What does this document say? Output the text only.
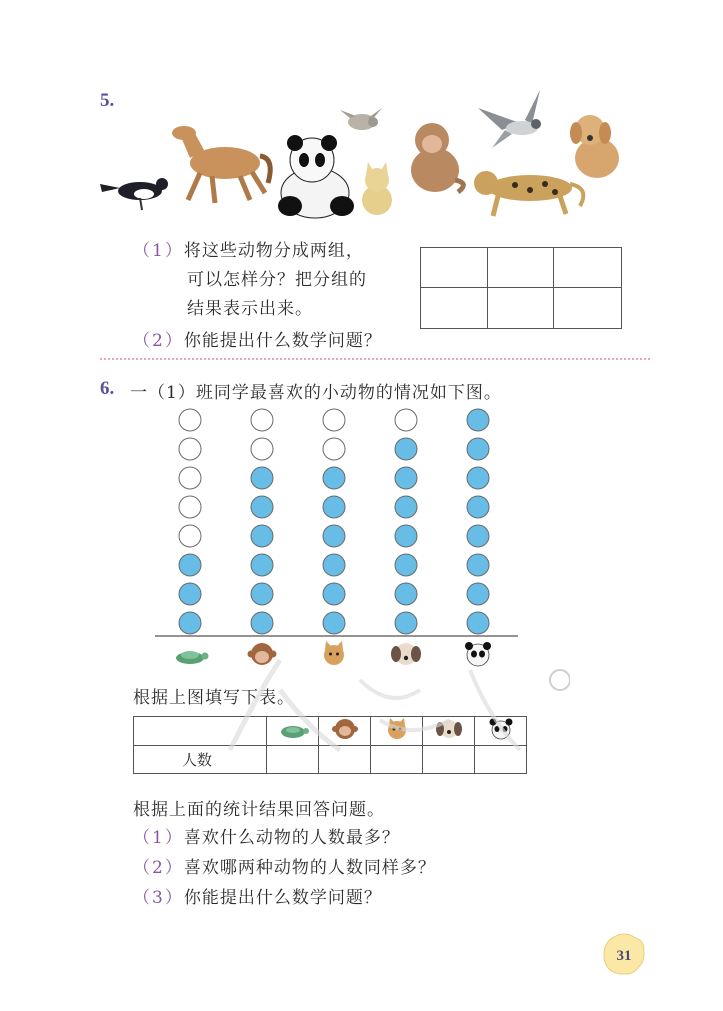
5.
（1）将这些动物分成两组，
可以怎样分？把分组的
结果表示出来。
（2）你能提出什么数学问题？
6. 一（1）班同学最喜欢的小动物的情况如下图。
根据上图填写下表。

人数					
根据上面的统计结果回答问题。
（1）喜欢什么动物的人数最多？
（2）喜欢哪两种动物的人数同样多？
（3）你能提出什么数学问题？
31
